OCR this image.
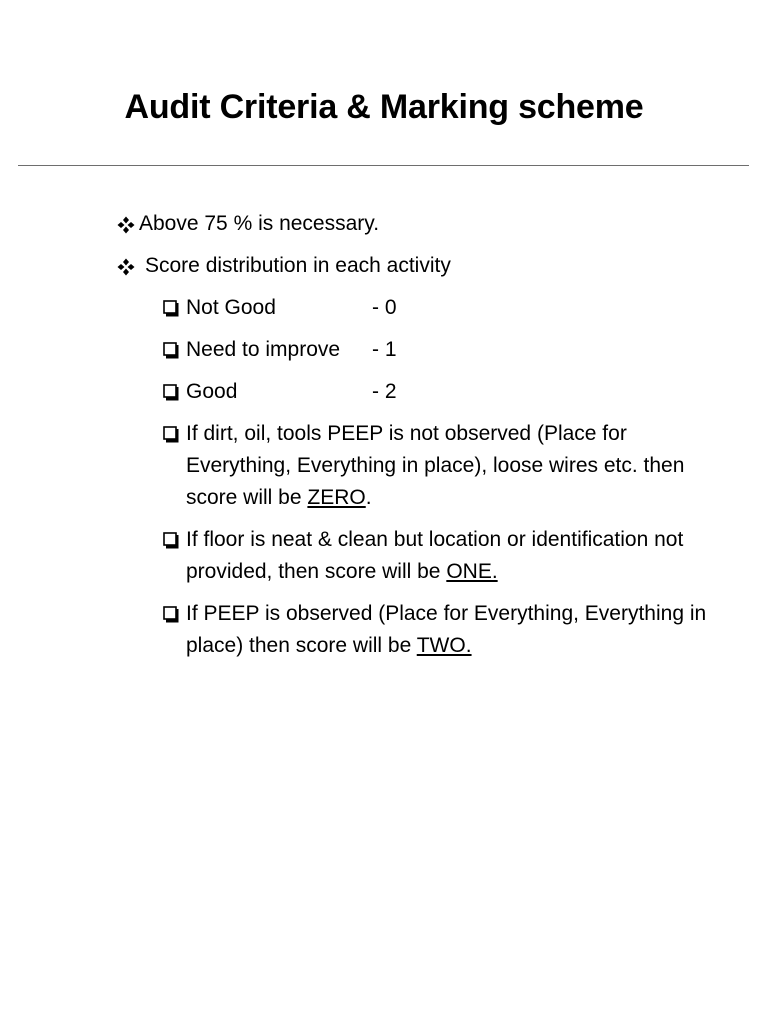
Audit Criteria & Marking scheme
Above 75 % is necessary.
Score distribution in each activity
Not Good	- 0
Need to improve	- 1
Good	- 2
If dirt, oil, tools PEEP is not observed (Place for Everything, Everything in place), loose wires etc. then score will be ZERO.
If floor is neat & clean but location or identification not provided, then score will be ONE.
If PEEP is observed (Place for Everything, Everything in place) then score will be TWO.
